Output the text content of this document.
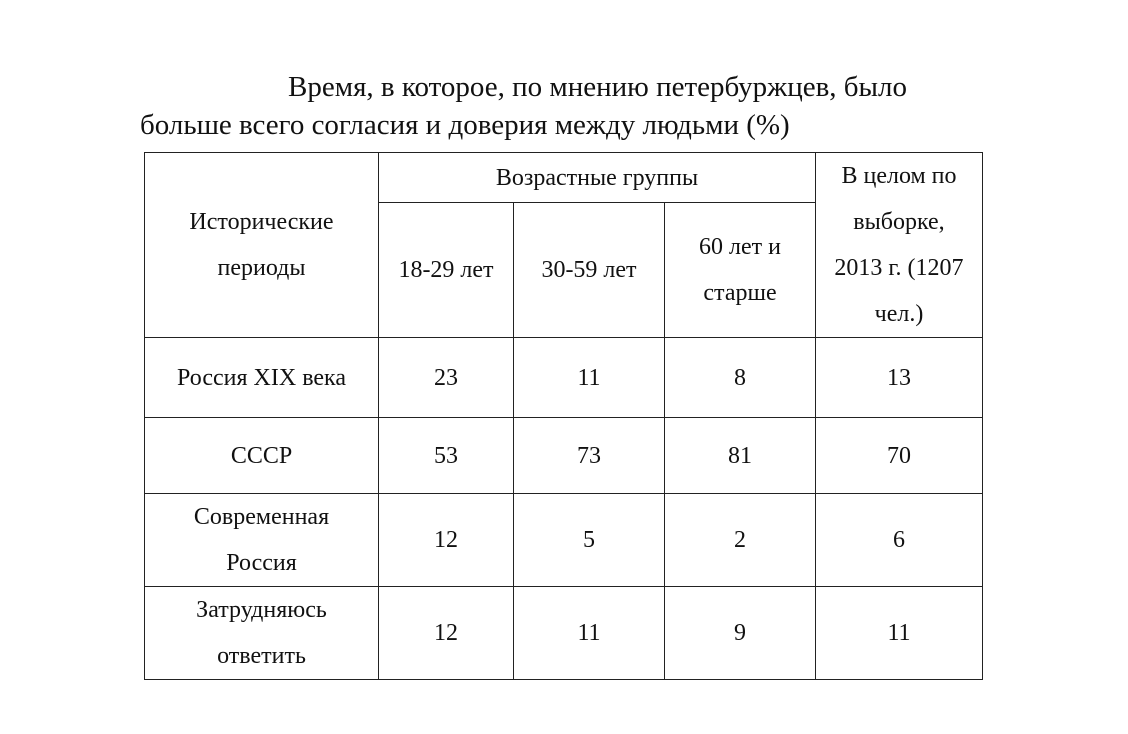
Время, в которое, по мнению петербуржцев, было
больше всего согласия и доверия между людьми (%)
Исторические периоды	Возрастные группы			В целом по выборке, 2013 г. (1207 чел.)
	18-29 лет	30-59 лет	60 лет и старше	
Россия XIX века	23	11	8	13
СССР	53	73	81	70
Современная Россия	12	5	2	6
Затрудняюсь ответить	12	11	9	11
